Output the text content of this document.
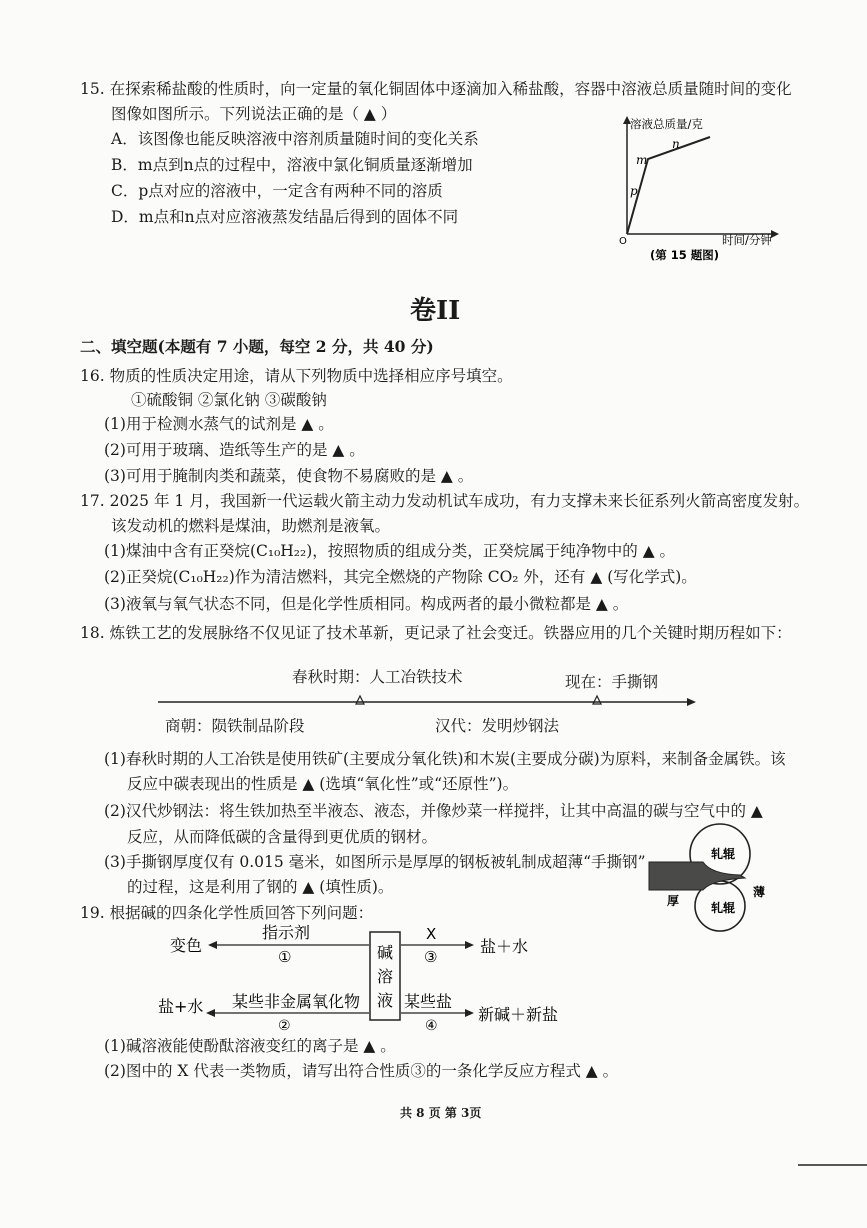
15. 在探索稀盐酸的性质时，向一定量的氧化铜固体中逐滴加入稀盐酸，容器中溶液总质量随时间的变化
图像如图所示。下列说法正确的是（ ▲ ）
A．该图像也能反映溶液中溶剂质量随时间的变化关系
B．m点到n点的过程中，溶液中氯化铜质量逐渐增加
C．p点对应的溶液中，一定含有两种不同的溶质
D．m点和n点对应溶液蒸发结晶后得到的固体不同
溶液总质量/克
时间/分钟
O
m
n
p
(第 15 题图)
卷II
二、填空题(本题有 7 小题，每空 2 分，共 40 分)
16. 物质的性质决定用途，请从下列物质中选择相应序号填空。
①硫酸铜 ②氯化钠 ③碳酸钠
(1)用于检测水蒸气的试剂是 ▲ 。
(2)可用于玻璃、造纸等生产的是 ▲ 。
(3)可用于腌制肉类和蔬菜，使食物不易腐败的是 ▲ 。
17. 2025 年 1 月，我国新一代运载火箭主动力发动机试车成功，有力支撑未来长征系列火箭高密度发射。
该发动机的燃料是煤油，助燃剂是液氧。
(1)煤油中含有正癸烷(C₁₀H₂₂)，按照物质的组成分类，正癸烷属于纯净物中的 ▲ 。
(2)正癸烷(C₁₀H₂₂)作为清洁燃料，其完全燃烧的产物除 CO₂ 外，还有 ▲ (写化学式)。
(3)液氧与氧气状态不同，但是化学性质相同。构成两者的最小微粒都是 ▲ 。
18. 炼铁工艺的发展脉络不仅见证了技术革新，更记录了社会变迁。铁器应用的几个关键时期历程如下：
春秋时期：人工冶铁技术	现在：手撕钢
商朝：陨铁制品阶段	汉代：发明炒钢法
(1)春秋时期的人工冶铁是使用铁矿(主要成分氧化铁)和木炭(主要成分碳)为原料，来制备金属铁。该
反应中碳表现出的性质是 ▲ (选填“氧化性”或“还原性”)。
(2)汉代炒钢法：将生铁加热至半液态、液态，并像炒菜一样搅拌，让其中高温的碳与空气中的 ▲
反应，从而降低碳的含量得到更优质的钢材。
(3)手撕钢厚度仅有 0.015 毫米，如图所示是厚厚的钢板被轧制成超薄“手撕钢”
的过程，这是利用了钢的 ▲ (填性质)。
轧辊
轧辊
厚
薄
19. 根据碱的四条化学性质回答下列问题：
碱
溶
液
变色
指示剂
①
X
③
盐＋水
盐+水 某些非金属氧化物
②
某些盐
④
新碱＋新盐
(1)碱溶液能使酚酞溶液变红的离子是 ▲ 。
(2)图中的 X 代表一类物质，请写出符合性质③的一条化学反应方程式 ▲ 。
共 8 页 第 3页
